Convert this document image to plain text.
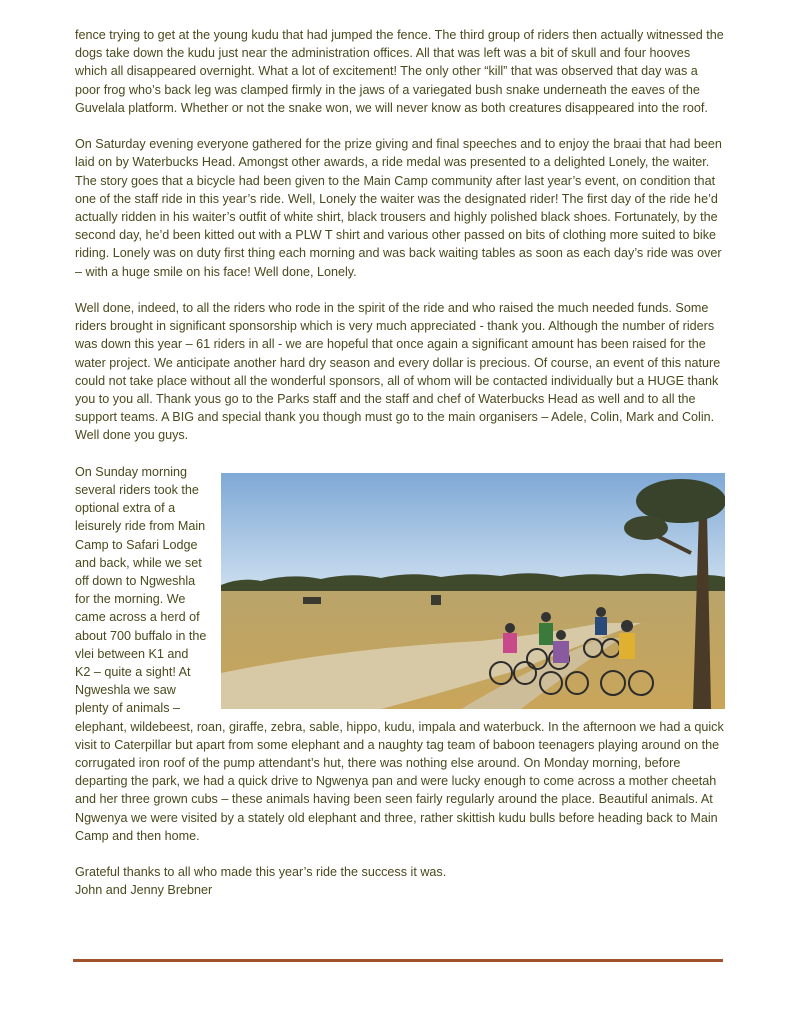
fence trying to get at the young kudu that had jumped the fence. The third group of riders then actually witnessed the dogs take down the kudu just near the administration offices. All that was left was a bit of skull and four hooves which all disappeared overnight. What a lot of excitement! The only other “kill” that was observed that day was a poor frog who’s back leg was clamped firmly in the jaws of a variegated bush snake underneath the eaves of the Guvelala platform. Whether or not the snake won, we will never know as both creatures disappeared into the roof.

On Saturday evening everyone gathered for the prize giving and final speeches and to enjoy the braai that had been laid on by Waterbucks Head. Amongst other awards, a ride medal was presented to a delighted Lonely, the waiter. The story goes that a bicycle had been given to the Main Camp community after last year’s event, on condition that one of the staff ride in this year’s ride. Well, Lonely the waiter was the designated rider! The first day of the ride he’d actually ridden in his waiter’s outfit of white shirt, black trousers and highly polished black shoes. Fortunately, by the second day, he’d been kitted out with a PLW T shirt and various other passed on bits of clothing more suited to bike riding. Lonely was on duty first thing each morning and was back waiting tables as soon as each day’s ride was over – with a huge smile on his face! Well done, Lonely.

Well done, indeed, to all the riders who rode in the spirit of the ride and who raised the much needed funds. Some riders brought in significant sponsorship which is very much appreciated - thank you. Although the number of riders was down this year – 61 riders in all - we are hopeful that once again a significant amount has been raised for the water project. We anticipate another hard dry season and every dollar is precious. Of course, an event of this nature could not take place without all the wonderful sponsors, all of whom will be contacted individually but a HUGE thank you to you all. Thank yous go to the Parks staff and the staff and chef of Waterbucks Head as well and to all the support teams. A BIG and special thank you though must go to the main organisers – Adele, Colin, Mark and Colin. Well done you guys.

On Sunday morning several riders took the optional extra of a leisurely ride from Main Camp to Safari Lodge and back, while we set off down to Ngweshla for the morning. We came across a herd of about 700 buffalo in the vlei between K1 and K2 – quite a sight! At Ngweshla we saw plenty of animals – elephant, wildebeest, roan, giraffe, zebra, sable, hippo, kudu, impala and waterbuck. In the afternoon we had a quick visit to Caterpillar but apart from some elephant and a naughty tag team of baboon teenagers playing around on the corrugated iron roof of the pump attendant’s hut, there was nothing else around. On Monday morning, before departing the park, we had a quick drive to Ngwenya pan and were lucky enough to come across a mother cheetah and her three grown cubs – these animals having been seen fairly regularly around the place. Beautiful animals. At Ngwenya we were visited by a stately old elephant and three, rather skittish kudu bulls before heading back to Main Camp and then home.

Grateful thanks to all who made this year’s ride the success it was.

John and Jenny Brebner
